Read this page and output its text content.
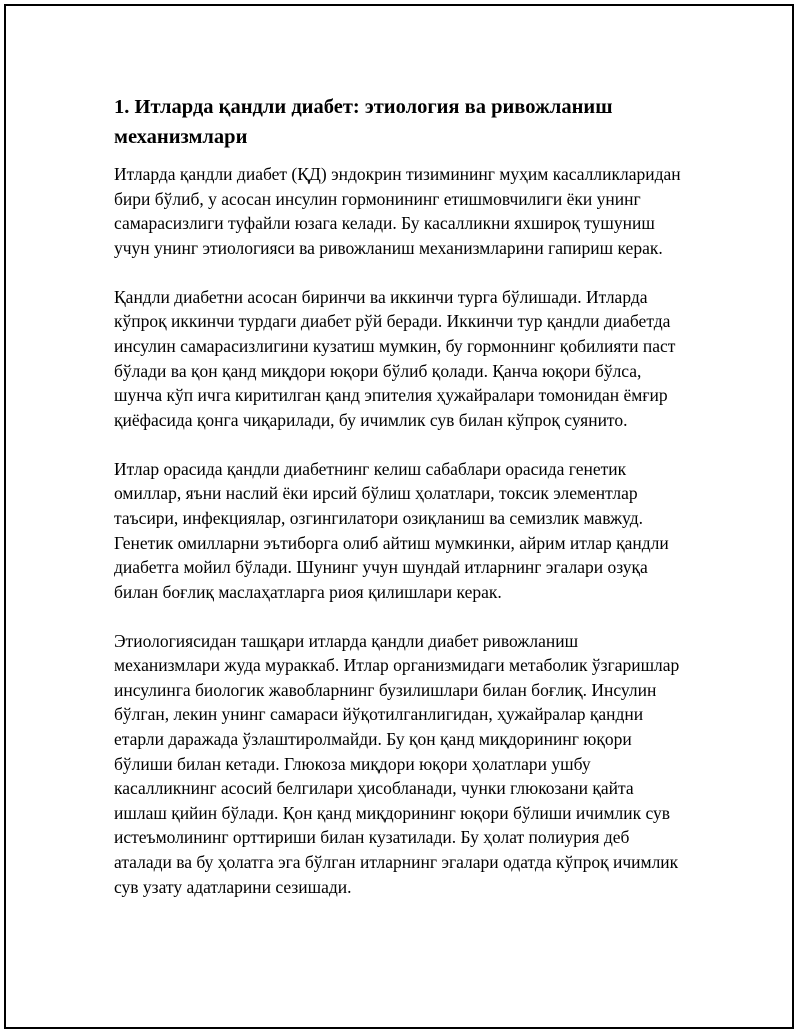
1. Итларда қандли диабет: этиология ва ривожланиш механизмлари

Итларда қандли диабет (ҚД) эндокрин тизимининг муҳим касалликларидан бири бўлиб, у асосан инсулин гормонининг етишмовчилиги ёки унинг самарасизлиги туфайли юзага келади. Бу касалликни яхшироқ тушуниш учун унинг этиологияси ва ривожланиш механизмларини гапириш керак.

Қандли диабетни асосан биринчи ва иккинчи турга бўлишади. Итларда кўпроқ иккинчи турдаги диабет рўй беради. Иккинчи тур қандли диабетда инсулин самарасизлигини кузатиш мумкин, бу гормоннинг қобилияти паст бўлади ва қон қанд миқдори юқори бўлиб қолади. Қанча юқори бўлса, шунча кўп ичга киритилган қанд эпителия ҳужайралари томонидан ёмғир қиёфасида қонга чиқарилади, бу ичимлик сув билан кўпроқ суянито.

Итлар орасида қандли диабетнинг келиш сабаблари орасида генетик омиллар, яъни наслий ёки ирсий бўлиш ҳолатлари, токсик элементлар таъсири, инфекциялар, озгингилатори озиқланиш ва семизлик мавжуд. Генетик омилларни эътиборга олиб айтиш мумкинки, айрим итлар қандли диабетга мойил бўлади. Шунинг учун шундай итларнинг эгалари озуқа билан боғлиқ маслаҳатларга риоя қилишлари керак.

Этиологиясидан ташқари итларда қандли диабет ривожланиш механизмлари жуда мураккаб. Итлар организмидаги метаболик ўзгаришлар инсулинга биологик жавобларнинг бузилишлари билан боғлиқ. Инсулин бўлган, лекин унинг самараси йўқотилганлигидан, ҳужайралар қандни етарли даражада ўзлаштиролмайди. Бу қон қанд миқдорининг юқори бўлиши билан кетади. Глюкоза миқдори юқори ҳолатлари ушбу касалликнинг асосий белгилари ҳисобланади, чунки глюкозани қайта ишлаш қийин бўлади. Қон қанд миқдорининг юқори бўлиши ичимлик сув истеъмолининг орттириши билан кузатилади. Бу ҳолат полиурия деб аталади ва бу ҳолатга эга бўлган итларнинг эгалари одатда кўпроқ ичимлик сув узату адатларини сезишади.
